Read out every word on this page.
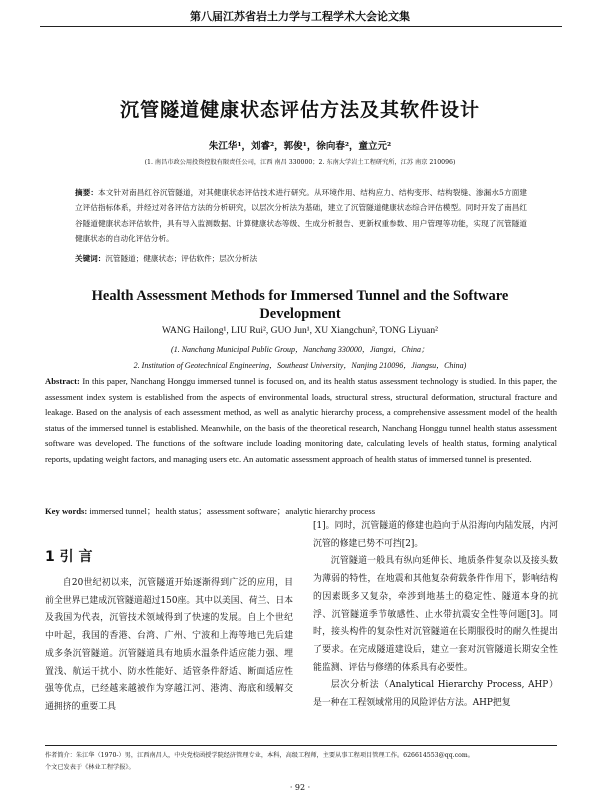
第八届江苏省岩土力学与工程学术大会论文集
沉管隧道健康状态评估方法及其软件设计
朱江华¹，刘睿²，郭俊¹，徐向春²，童立元²
(1. 南昌市政公用投资控股有限责任公司，江西 南昌 330000；2. 东南大学岩土工程研究所，江苏 南京 210096)
摘要：本文针对南昌红谷沉管隧道，对其健康状态评估技术进行研究。从环境作用、结构应力、结构变形、结构裂缝、渗漏水5方面建立评估指标体系，并经过对各评估方法的分析研究，以层次分析法为基础，建立了沉管隧道健康状态综合评估模型。同时开发了南昌红谷隧道健康状态评估软件，具有导入监测数据、计算健康状态等级、生成分析报告、更新权重参数、用户管理等功能，实现了沉管隧道健康状态的自动化评估分析。
关键词：沉管隧道；健康状态；评估软件；层次分析法
Health Assessment Methods for Immersed Tunnel and the Software Development
WANG Hailong¹, LIU Rui², GUO Jun¹, XU Xiangchun², TONG Liyuan²
(1. Nanchang Municipal Public Group，Nanchang 330000，Jiangxi，China；
2. Institution of Geotechnical Engineering，Southeast University，Nanjing 210096，Jiangsu，China)
Abstract: In this paper, Nanchang Honggu immersed tunnel is focused on, and its health status assessment technology is studied. In this paper, the assessment index system is established from the aspects of environmental loads, structural stress, structural deformation, structural fracture and leakage. Based on the analysis of each assessment method, as well as analytic hierarchy process, a comprehensive assessment model of the health status of the immersed tunnel is established. Meanwhile, on the basis of the theoretical research, Nanchang Honggu tunnel health status assessment software was developed. The functions of the software include loading monitoring date, calculating levels of health status, forming analytical reports, updating weight factors, and managing users etc. An automatic assessment approach of health status of immersed tunnel is presented.
Key words: immersed tunnel；health status；assessment software；analytic hierarchy process
1 引 言

自20世纪初以来，沉管隧道开始逐渐得到广泛的应用，目前全世界已建成沉管隧道超过150座。其中以美国、荷兰、日本及我国为代表，沉管技术领域得到了快速的发展。自上个世纪中叶起，我国的香港、台湾、广州、宁波和上海等地已先后建成多条沉管隧道。沉管隧道具有地质水温条件适应能力强、埋置浅、航运干扰小、防水性能好、适管条件舒适、断面适应性强等优点，已经越来越被作为穿越江河、港湾、海底和缓解交通拥挤的重要工具

[1]。同时，沉管隧道的修建也趋向于从沿海向内陆发展，内河沉管的修建已势不可挡[2]。

沉管隧道一般具有纵向延伸长、地质条件复杂以及接头数为薄弱的特性，在地震和其他复杂荷载条件作用下，影响结构的因素既多又复杂，牵涉到地基土的稳定性、隧道本身的抗浮、沉管隧道季节敏感性、止水带抗震安全性等问题[3]。同时，接头构件的复杂性对沉管隧道在长期服役时的耐久性提出了要求。在完成隧道建设后，建立一套对沉管隧道长期安全性能监测、评估与修缮的体系具有必要性。

层次分析法（Analytical Hierarchy Process, AHP）是一种在工程领域常用的风险评估方法。AHP把复

作者简介：朱江华（1970-）男，江西南昌人，中央党校函授学院经济管理专业，本科，高级工程师，主要从事工程项目管理工作。626614553@qq.com。
个文已发表于《林业工程学报》。
· 92 ·
